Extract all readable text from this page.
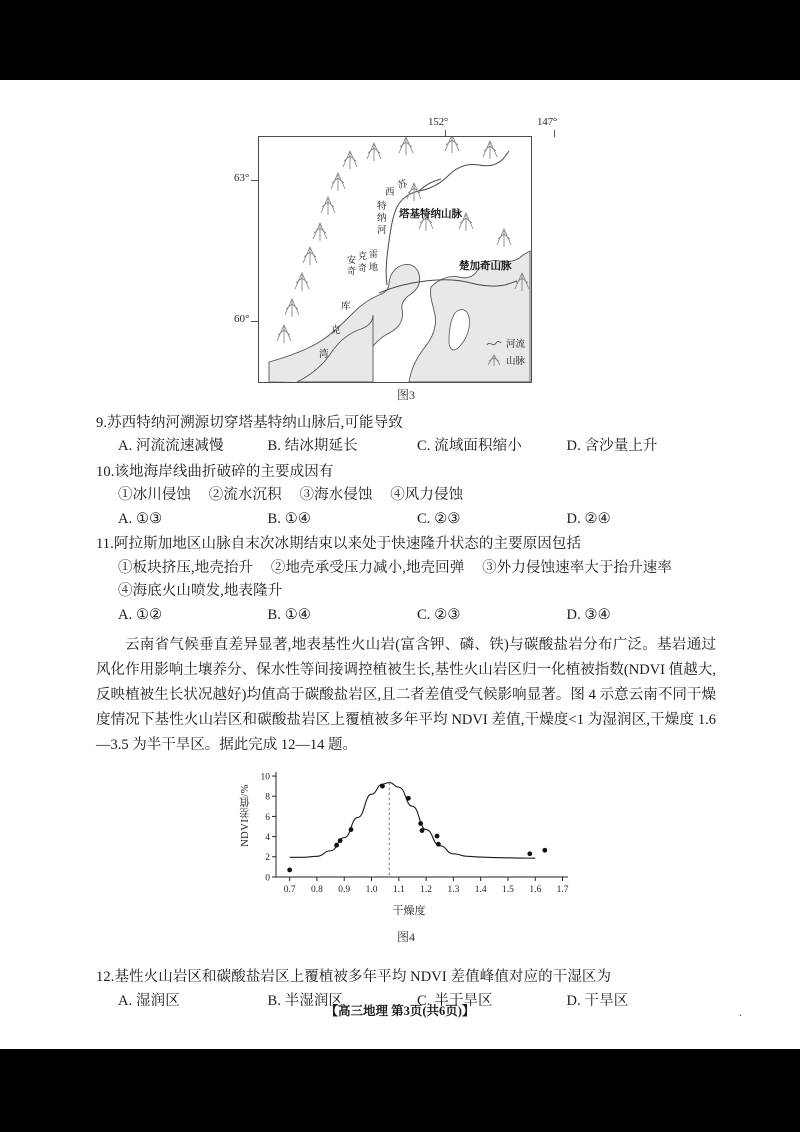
152°	147°
63°
60°
苏
西
特
纳
河
塔基特纳山脉
安
奇
克
奇
雷
地	楚加奇山脉
库
克
湾
河流
山脉
图3
9.苏西特纳河溯源切穿塔基特纳山脉后,可能导致
A. 河流流速减慢	B. 结冰期延长	C. 流域面积缩小	D. 含沙量上升
10.该地海岸线曲折破碎的主要成因有
①冰川侵蚀 ②流水沉积 ③海水侵蚀 ④风力侵蚀
A. ①③	B. ①④	C. ②③	D. ②④
11.阿拉斯加地区山脉自末次冰期结束以来处于快速隆升状态的主要原因包括
①板块挤压,地壳抬升 ②地壳承受压力减小,地壳回弹 ③外力侵蚀速率大于抬升速率
④海底火山喷发,地表隆升
A. ①②	B. ①④	C. ②③	D. ③④
云南省气候垂直差异显著,地表基性火山岩(富含钾、磷、铁)与碳酸盐岩分布广泛。基岩通过风化作用影响土壤养分、保水性等间接调控植被生长,基性火山岩区归一化植被指数(NDVI 值越大,反映植被生长状况越好)均值高于碳酸盐岩区,且二者差值受气候影响显著。图 4 示意云南不同干燥度情况下基性火山岩区和碳酸盐岩区上覆植被多年平均 NDVI 差值,干燥度<1 为湿润区,干燥度 1.6—3.5 为半干旱区。据此完成 12—14 题。
NDVI差值/%
0.7 0.8 0.9 1.0 1.1 1.2 1.3 1.4 1.5 1.6 1.7
0
2
4
6
8
10
干燥度
图4
12.基性火山岩区和碳酸盐岩区上覆植被多年平均 NDVI 差值峰值对应的干湿区为
A. 湿润区	B. 半湿润区	C. 半干旱区	D. 干旱区
【高三地理 第3页(共6页)】	.
